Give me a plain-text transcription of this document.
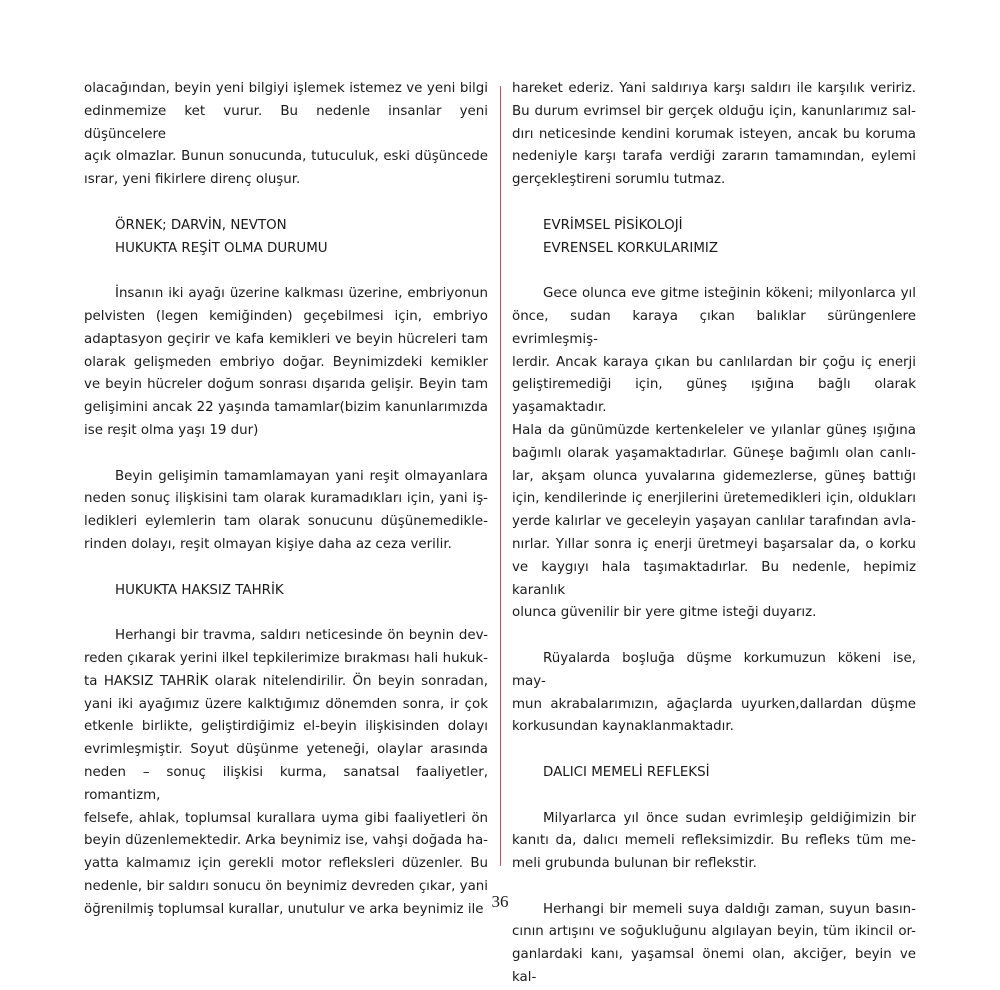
olacağından, beyin yeni bilgiyi işlemek istemez ve yeni bilgi

edinmemize ket vurur. Bu nedenle insanlar yeni düşüncelere

açık olmazlar. Bunun sonucunda, tutuculuk, eski düşüncede

ısrar, yeni fikirlere direnç oluşur.

ÖRNEK; DARVİN, NEVTON

HUKUKTA REŞİT OLMA DURUMU

İnsanın iki ayağı üzerine kalkması üzerine, embriyonun

pelvisten (legen kemiğinden) geçebilmesi için, embriyo

adaptasyon geçirir ve kafa kemikleri ve beyin hücreleri tam

olarak gelişmeden embriyo doğar. Beynimizdeki kemikler

ve beyin hücreler doğum sonrası dışarıda gelişir. Beyin tam

gelişimini ancak 22 yaşında tamamlar(bizim kanunlarımızda

ise reşit olma yaşı 19 dur)

Beyin gelişimin tamamlamayan yani reşit olmayanlara

neden sonuç ilişkisini tam olarak kuramadıkları için, yani iş-

ledikleri eylemlerin tam olarak sonucunu düşünemedikle-

rinden dolayı, reşit olmayan kişiye daha az ceza verilir.

HUKUKTA HAKSIZ TAHRİK

Herhangi bir travma, saldırı neticesinde ön beynin dev-

reden çıkarak yerini ilkel tepkilerimize bırakması hali hukuk-

ta HAKSIZ TAHRİK olarak nitelendirilir. Ön beyin sonradan,

yani iki ayağımız üzere kalktığımız dönemden sonra, ir çok

etkenle birlikte, geliştirdiğimiz el-beyin ilişkisinden dolayı

evrimleşmiştir. Soyut düşünme yeteneği, olaylar arasında

neden – sonuç ilişkisi kurma, sanatsal faaliyetler, romantizm,

felsefe, ahlak, toplumsal kurallara uyma gibi faaliyetleri ön

beyin düzenlemektedir. Arka beynimiz ise, vahşi doğada ha-

yatta kalmamız için gerekli motor refleksleri düzenler. Bu

nedenle, bir saldırı sonucu ön beynimiz devreden çıkar, yani

öğrenilmiş toplumsal kurallar, unutulur ve arka beynimiz ile

hareket ederiz. Yani saldırıya karşı saldırı ile karşılık veririz.

Bu durum evrimsel bir gerçek olduğu için, kanunlarımız sal-

dırı neticesinde kendini korumak isteyen, ancak bu koruma

nedeniyle karşı tarafa verdiği zararın tamamından, eylemi

gerçekleştireni sorumlu tutmaz.

EVRİMSEL PİSİKOLOJİ

EVRENSEL KORKULARIMIZ

Gece olunca eve gitme isteğinin kökeni; milyonlarca yıl

önce, sudan karaya çıkan balıklar sürüngenlere evrimleşmiş-

lerdir. Ancak karaya çıkan bu canlılardan bir çoğu iç enerji

geliştiremediği için, güneş ışığına bağlı olarak yaşamaktadır.

Hala da günümüzde kertenkeleler ve yılanlar güneş ışığına

bağımlı olarak yaşamaktadırlar. Güneşe bağımlı olan canlı-

lar, akşam olunca yuvalarına gidemezlerse, güneş battığı

için, kendilerinde iç enerjilerini üretemedikleri için, oldukları

yerde kalırlar ve geceleyin yaşayan canlılar tarafından avla-

nırlar. Yıllar sonra iç enerji üretmeyi başarsalar da, o korku

ve kaygıyı hala taşımaktadırlar. Bu nedenle, hepimiz karanlık

olunca güvenilir bir yere gitme isteği duyarız.

Rüyalarda boşluğa düşme korkumuzun kökeni ise, may-

mun akrabalarımızın, ağaçlarda uyurken,dallardan düşme

korkusundan kaynaklanmaktadır.

DALICI MEMELİ REFLEKSİ

Milyarlarca yıl önce sudan evrimleşip geldiğimizin bir

kanıtı da, dalıcı memeli refleksimizdir. Bu refleks tüm me-

meli grubunda bulunan bir reflekstir.

Herhangi bir memeli suya daldığı zaman, suyun basın-

cının artışını ve soğukluğunu algılayan beyin, tüm ikincil or-

ganlardaki kanı, yaşamsal önemi olan, akciğer, beyin ve kal-

36
